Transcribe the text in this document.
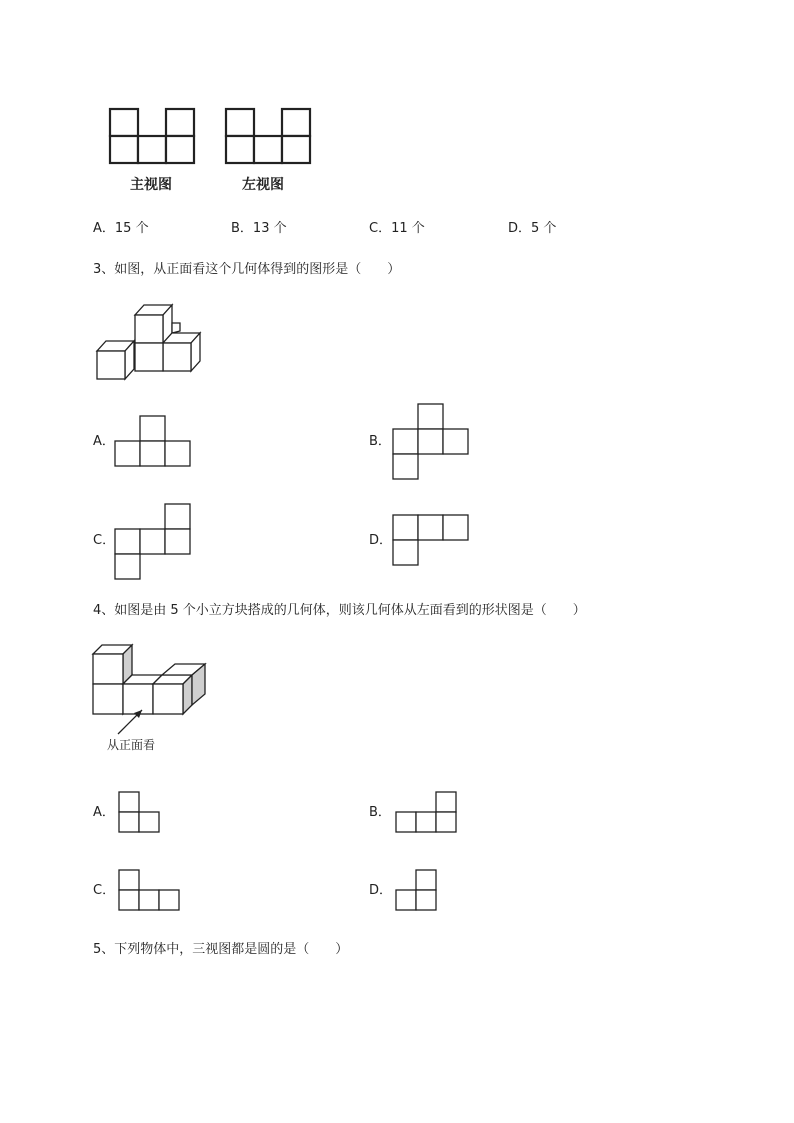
主视图	左视图
A．15 个	B．13 个	C．11 个	D．5 个
3、如图，从正面看这个几何体得到的图形是（　　）
A．	B．
C．	D．
4、如图是由 5 个小立方块搭成的几何体，则该几何体从左面看到的形状图是（　　）
从正面看
A．	B．
C．	D．
5、下列物体中，三视图都是圆的是（　　）
